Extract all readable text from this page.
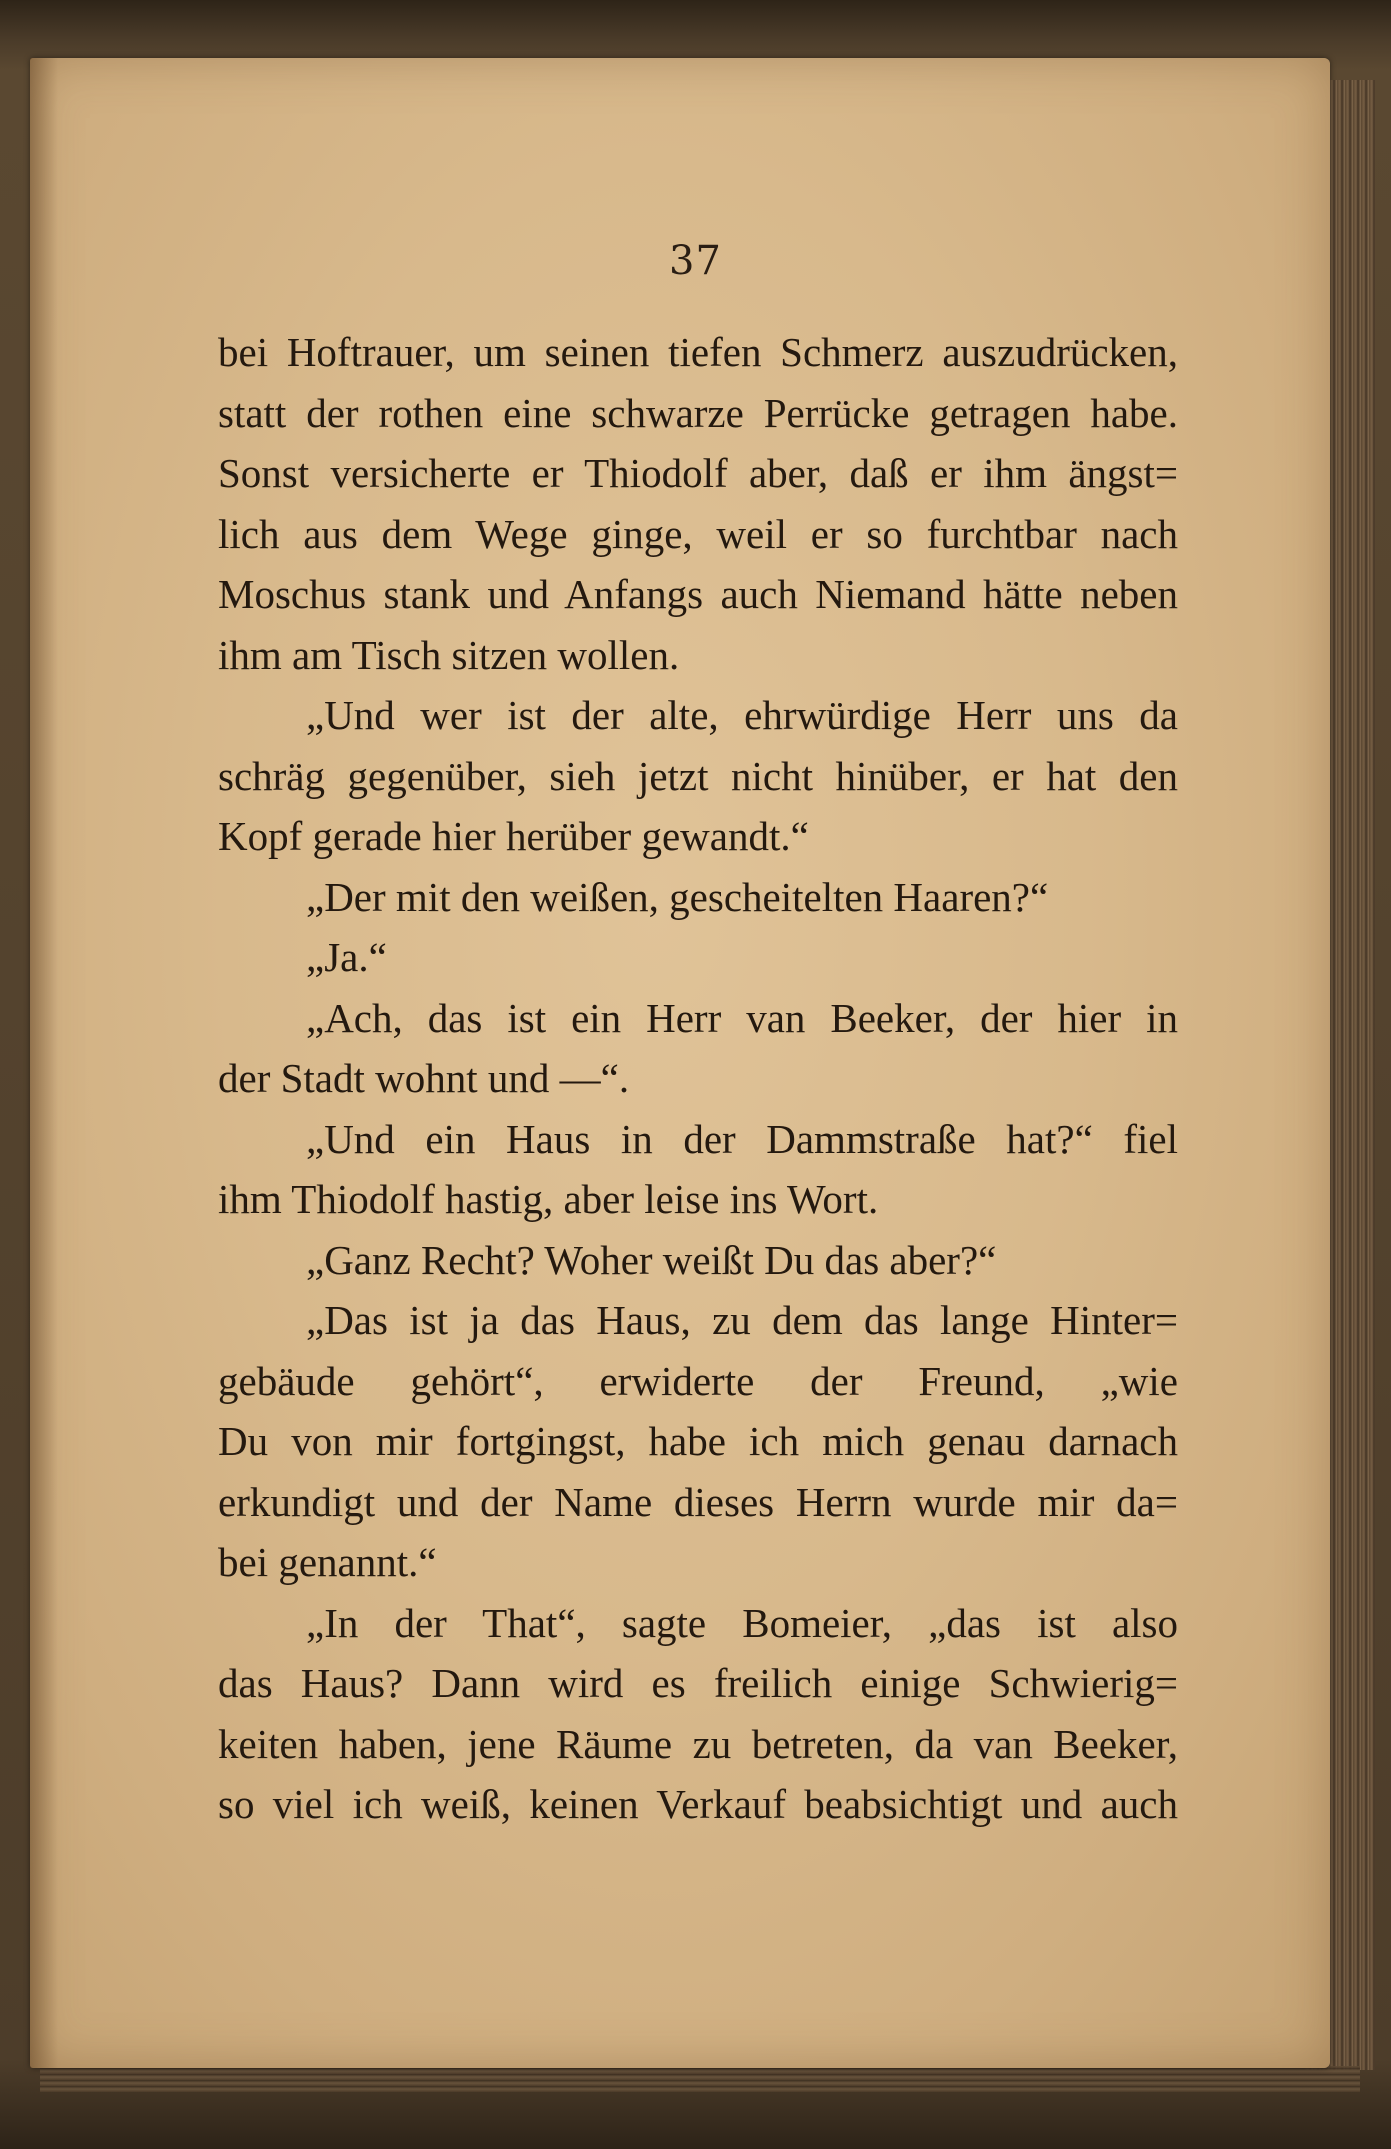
37
bei Hoftrauer, um seinen tiefen Schmerz auszudrücken,
statt der rothen eine schwarze Perrücke getragen habe.
Sonst versicherte er Thiodolf aber, daß er ihm ängst=
lich aus dem Wege ginge, weil er so furchtbar nach
Moschus stank und Anfangs auch Niemand hätte neben
ihm am Tisch sitzen wollen.
„Und wer ist der alte, ehrwürdige Herr uns da
schräg gegenüber, sieh jetzt nicht hinüber, er hat den
Kopf gerade hier herüber gewandt.“
„Der mit den weißen, gescheitelten Haaren?“
„Ja.“
„Ach, das ist ein Herr van Beeker, der hier in
der Stadt wohnt und —“.
„Und ein Haus in der Dammstraße hat?“ fiel
ihm Thiodolf hastig, aber leise ins Wort.
„Ganz Recht? Woher weißt Du das aber?“
„Das ist ja das Haus, zu dem das lange Hinter=
gebäude gehört“, erwiderte der Freund, „wie
Du von mir fortgingst, habe ich mich genau darnach
erkundigt und der Name dieses Herrn wurde mir da=
bei genannt.“
„In der That“, sagte Bomeier, „das ist also
das Haus? Dann wird es freilich einige Schwierig=
keiten haben, jene Räume zu betreten, da van Beeker,
so viel ich weiß, keinen Verkauf beabsichtigt und auch
